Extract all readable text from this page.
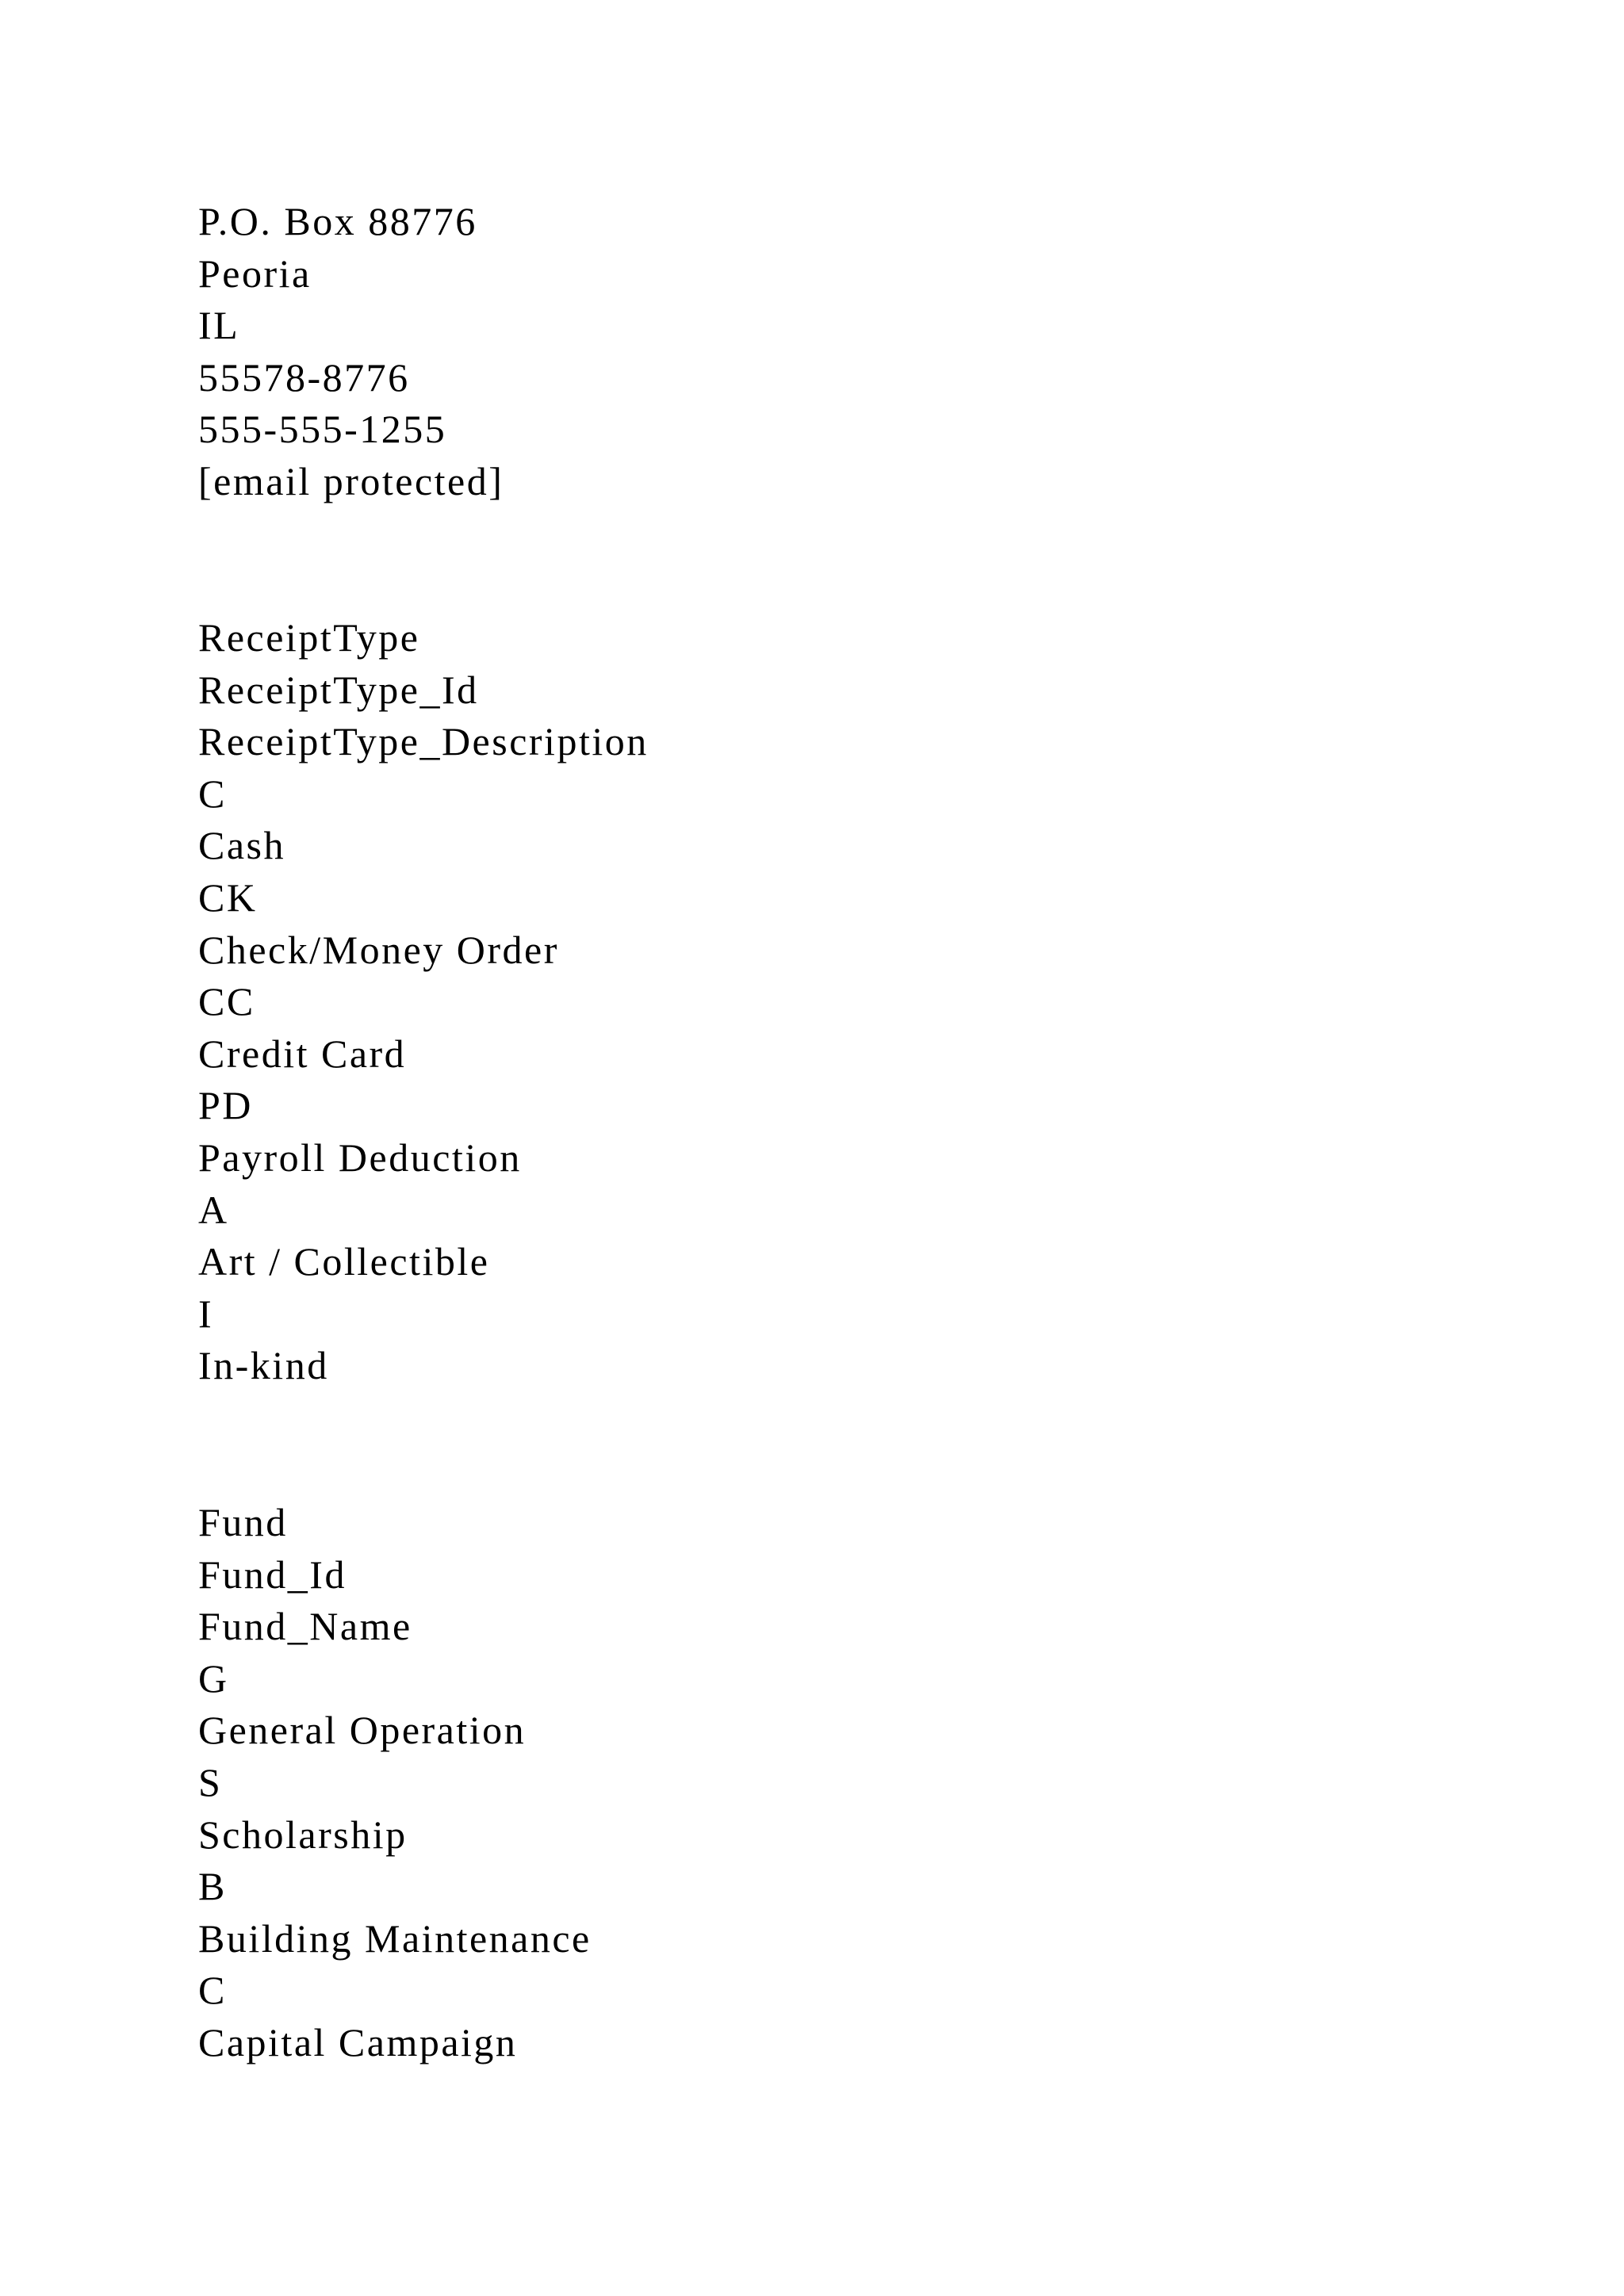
P.O. Box 88776
Peoria
IL
55578-8776
555-555-1255
[email protected]
ReceiptType
ReceiptType_Id
ReceiptType_Description
C
Cash
CK
Check/Money Order
CC
Credit Card
PD
Payroll Deduction
A
Art / Collectible
I
In-kind
Fund
Fund_Id
Fund_Name
G
General Operation
S
Scholarship
B
Building Maintenance
C
Capital Campaign
